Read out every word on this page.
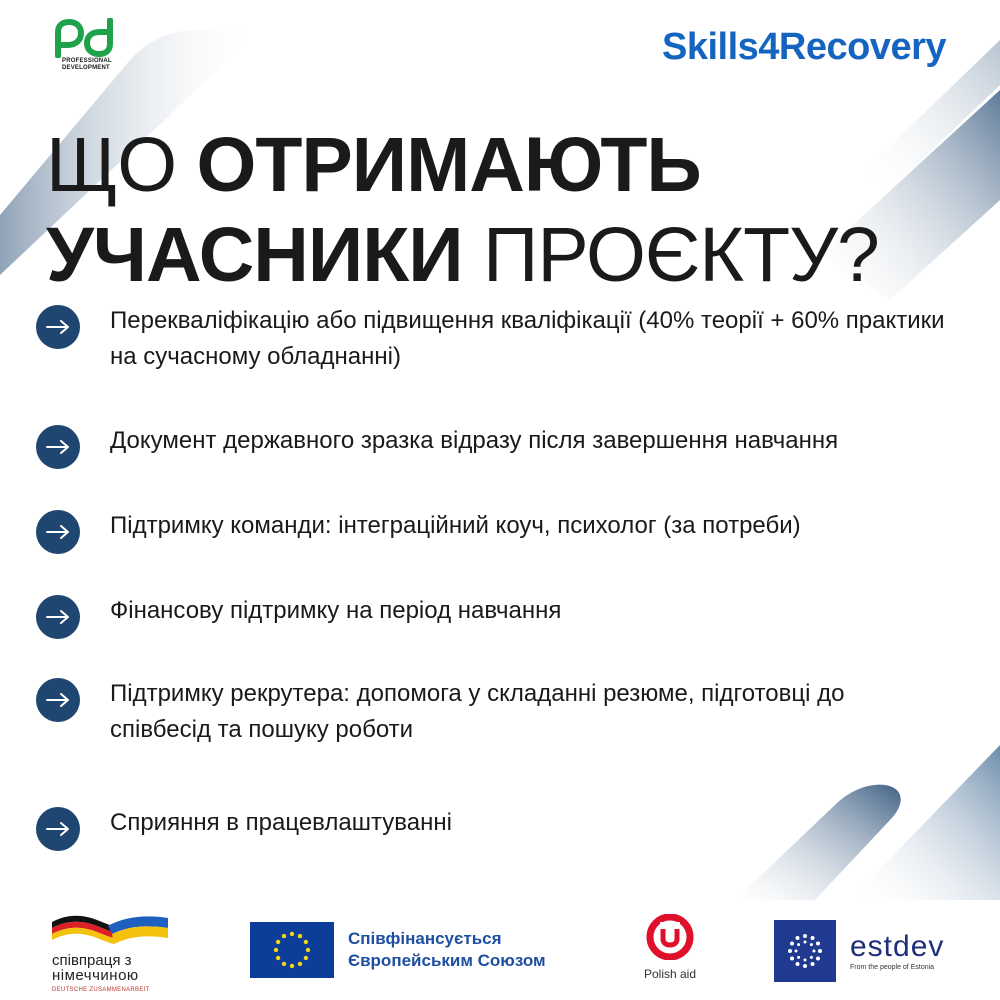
PROFESSIONAL
DEVELOPMENT	Skills4Recovery
ЩО ОТРИМАЮТЬ
УЧАСНИКИ ПРОЄКТУ?
Перекваліфікацію або підвищення кваліфікації (40% теорії + 60% практики на сучасному обладнанні)
Документ державного зразка відразу після завершення навчання
Підтримку команди: інтеграційний коуч, психолог (за потреби)
Фінансову підтримку на період навчання
Підтримку рекрутера: допомога у складанні резюме, підготовці до співбесід та пошуку роботи
Сприяння в працевлаштуванні
співпраця з
німеччиною
DEUTSCHE ZUSAMMENARBEIT
Співфінансується
Європейським Союзом
Polish aid
estdev
From the people of Estonia
